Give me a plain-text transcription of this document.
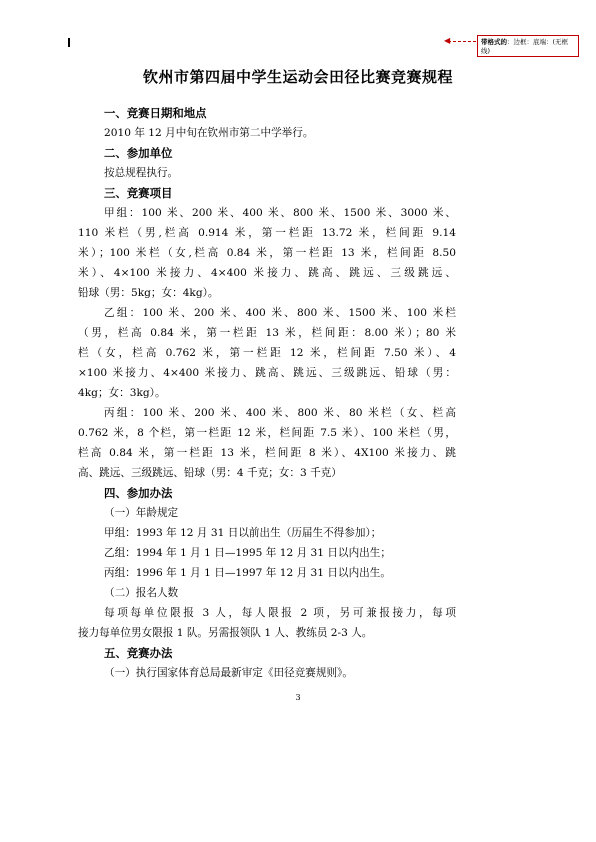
◀	带格式的：边框：底端：(无框线)
钦州市第四届中学生运动会田径比赛竞赛规程
一、竞赛日期和地点
2010 年 12 月中旬在钦州市第二中学举行。
二、参加单位
按总规程执行。
三、竞赛项目
甲组：100 米、200 米、400 米、800 米、1500 米、3000 米、
110 米栏（男,栏高 0.914 米，第一栏距 13.72 米，栏间距 9.14
米）；100 米栏（女,栏高 0.84 米，第一栏距 13 米，栏间距 8.50
米）、4×100 米接力、4×400 米接力、跳高、跳远、三级跳远、
铅球（男：5kg；女：4kg）。
乙组：100 米、200 米、400 米、800 米、1500 米、100 米栏
（男，栏高 0.84 米，第一栏距 13 米，栏间距：8.00 米）；80 米
栏（女，栏高 0.762 米，第一栏距 12 米，栏间距 7.50 米）、4
×100 米接力、4×400 米接力、跳高、跳远、三级跳远、铅球（男：
4kg；女：3kg）。
丙组：100 米、200 米、400 米、800 米、80 米栏（女、栏高
0.762 米，8 个栏，第一栏距 12 米，栏间距 7.5 米）、100 米栏（男，
栏高 0.84 米，第一栏距 13 米，栏间距 8 米）、4X100 米接力、跳
高、跳远、三级跳远、铅球（男：4 千克；女：3 千克）
四、参加办法
（一）年龄规定
甲组：1993 年 12 月 31 日以前出生（历届生不得参加）；
乙组：1994 年 1 月 1 日—1995 年 12 月 31 日以内出生；
丙组：1996 年 1 月 1 日—1997 年 12 月 31 日以内出生。
（二）报名人数
每项每单位限报 3 人，每人限报 2 项，另可兼报接力，每项
接力每单位男女限报 1 队。另需报领队 1 人、教练员 2-3 人。
五、竞赛办法
（一）执行国家体育总局最新审定《田径竞赛规则》。
3
